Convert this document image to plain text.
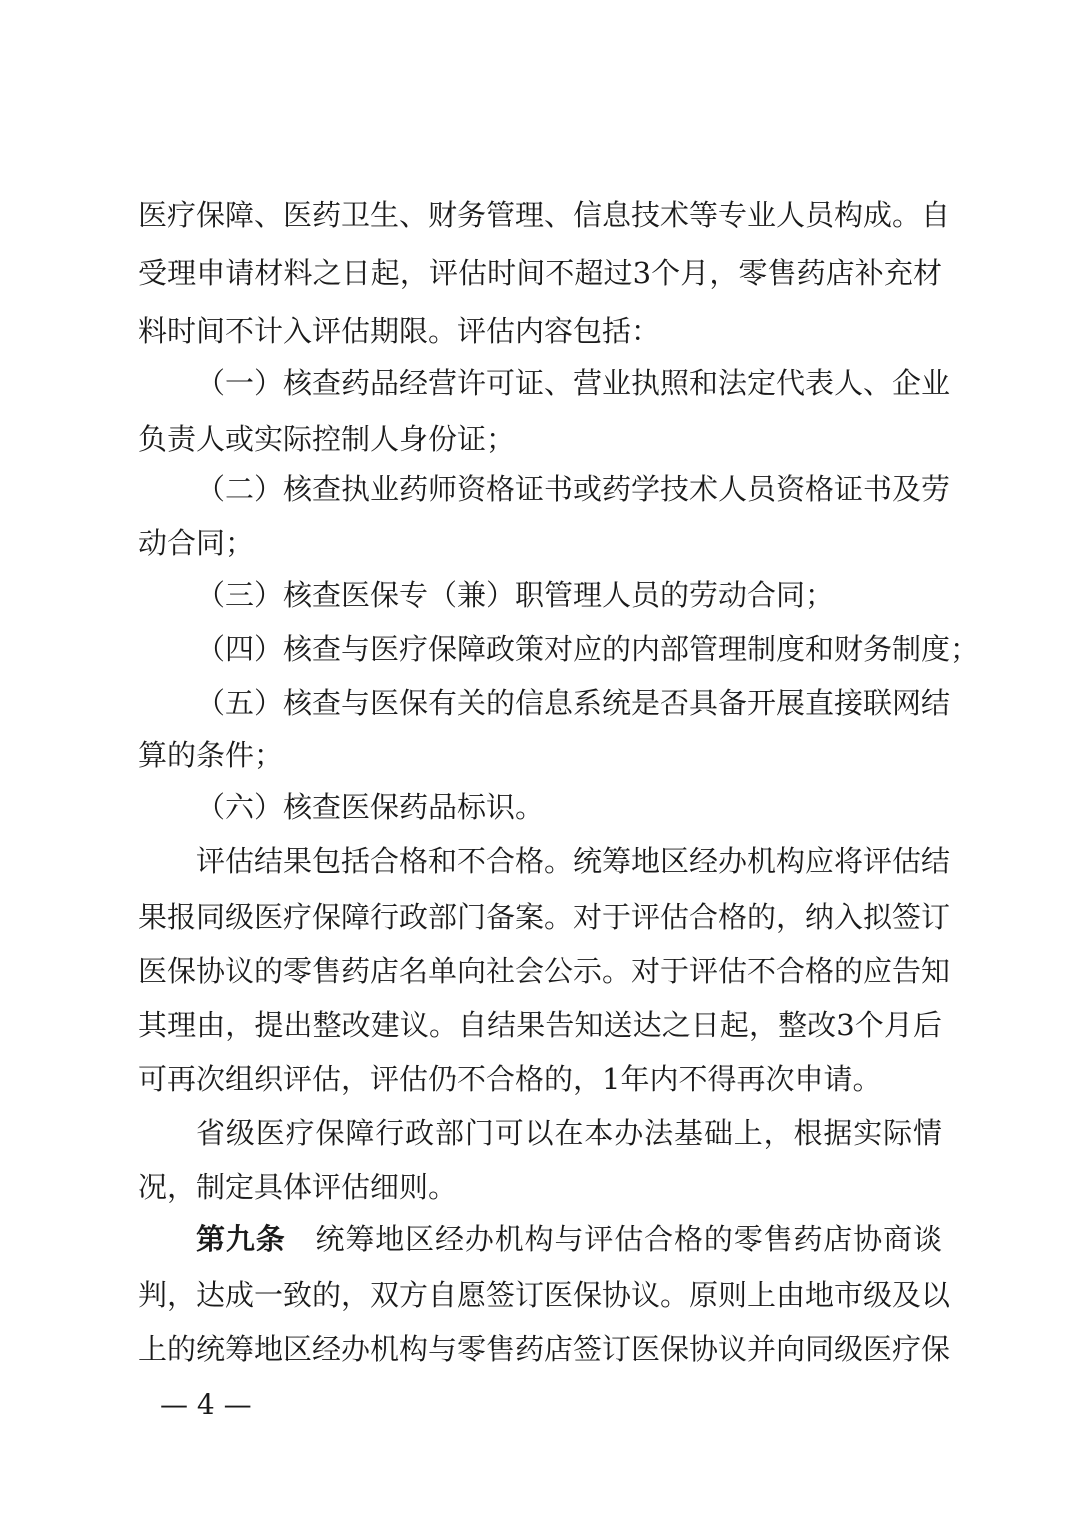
医疗保障、医药卫生、财务管理、信息技术等专业人员构成。自
受理申请材料之日起，评估时间不超过3个月，零售药店补充材
料时间不计入评估期限。评估内容包括：
（一）核查药品经营许可证、营业执照和法定代表人、企业
负责人或实际控制人身份证；
（二）核查执业药师资格证书或药学技术人员资格证书及劳
动合同；
（三）核查医保专（兼）职管理人员的劳动合同；
（四）核查与医疗保障政策对应的内部管理制度和财务制度；
（五）核查与医保有关的信息系统是否具备开展直接联网结
算的条件；
（六）核查医保药品标识。
评估结果包括合格和不合格。统筹地区经办机构应将评估结
果报同级医疗保障行政部门备案。对于评估合格的，纳入拟签订
医保协议的零售药店名单向社会公示。对于评估不合格的应告知
其理由，提出整改建议。自结果告知送达之日起，整改3个月后
可再次组织评估，评估仍不合格的，1年内不得再次申请。
省级医疗保障行政部门可以在本办法基础上，根据实际情
况，制定具体评估细则。
第九条　 统筹地区经办机构与评估合格的零售药店协商谈
判，达成一致的，双方自愿签订医保协议。原则上由地市级及以
上的统筹地区经办机构与零售药店签订医保协议并向同级医疗保
— 4 —
